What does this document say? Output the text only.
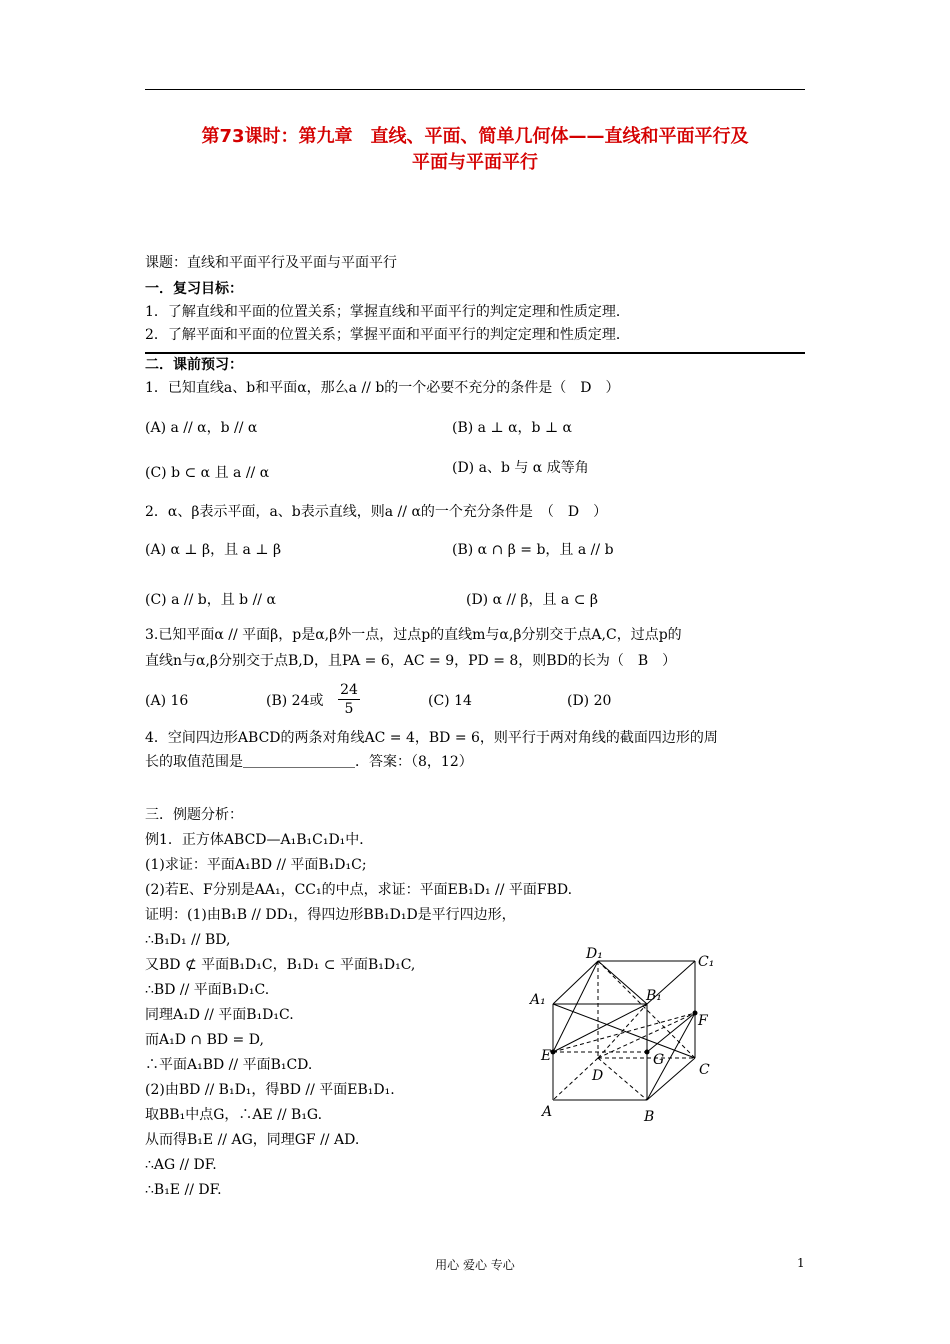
第73课时：第九章　直线、平面、简单几何体——直线和平面平行及
平面与平面平行
课题：直线和平面平行及平面与平面平行
一．复习目标：
1．了解直线和平面的位置关系；掌握直线和平面平行的判定定理和性质定理．
2．了解平面和平面的位置关系；掌握平面和平面平行的判定定理和性质定理．
二．课前预习：
1．已知直线a、b和平面α，那么a // b的一个必要不充分的条件是（　D　）
(A) a // α，b // α	(B) a ⊥ α，b ⊥ α
(C) b ⊂ α 且 a // α	(D) a、b 与 α 成等角
2．α、β表示平面，a、b表示直线，则a // α的一个充分条件是　（　D　）
(A) α ⊥ β，且 a ⊥ β	(B) α ∩ β = b，且 a // b
(C) a // b，且 b // α	(D) α // β，且 a ⊂ β
3.已知平面α // 平面β，p是α,β外一点，过点p的直线m与α,β分别交于点A,C，过点p的
直线n与α,β分别交于点B,D，且PA = 6，AC = 9，PD = 8，则BD的长为（　B　）
(A) 16	(B) 24或 $\frac{24}{5}$	(C) 14	(D) 20
4．空间四边形ABCD的两条对角线AC = 4，BD = 6，则平行于两对角线的截面四边形的周
长的取值范围是＿＿＿＿＿＿＿＿．答案：（8，12）
三．例题分析：
例1．正方体ABCD—A₁B₁C₁D₁中．
(1)求证：平面A₁BD // 平面B₁D₁C;
(2)若E、F分别是AA₁，CC₁的中点，求证：平面EB₁D₁ // 平面FBD.
证明：(1)由B₁B // DD₁，得四边形BB₁D₁D是平行四边形，
∴B₁D₁ // BD,
又BD ⊄ 平面B₁D₁C，B₁D₁ ⊂ 平面B₁D₁C,
∴BD // 平面B₁D₁C.
同理A₁D // 平面B₁D₁C.
而A₁D ∩ BD = D,
∴平面A₁BD // 平面B₁CD.
(2)由BD // B₁D₁，得BD // 平面EB₁D₁.
取BB₁中点G，∴AE // B₁G.
从而得B₁E // AG，同理GF // AD.
∴AG // DF.
∴B₁E // DF.
D₁	C₁
A₁	B₁
F
E	G
D	C
A	B
用心 爱心 专心	1
